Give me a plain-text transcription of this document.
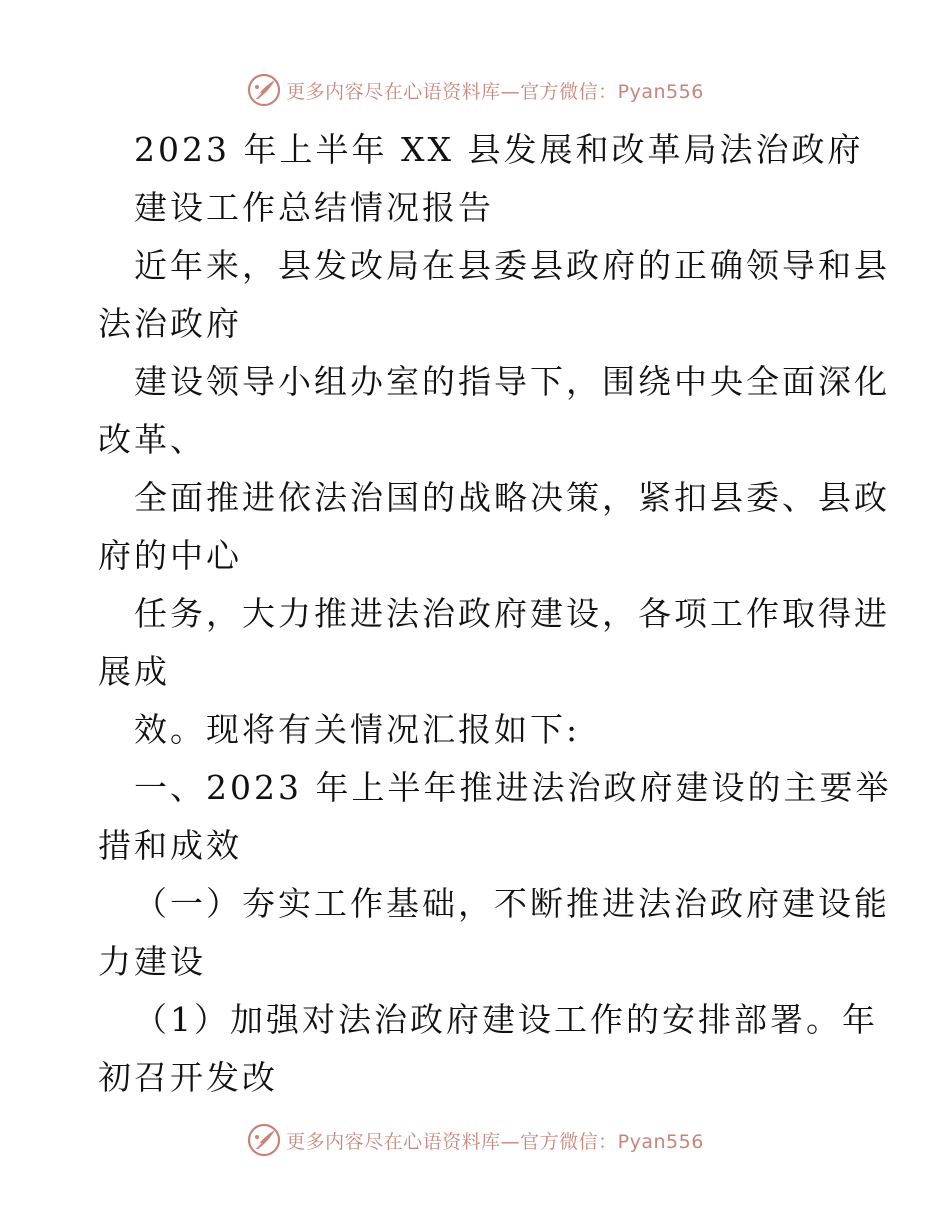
更多内容尽在心语资料库—官方微信：Pyan556
2023 年上半年 XX 县发展和改革局法治政府
建设工作总结情况报告
近年来，县发改局在县委县政府的正确领导和县
法治政府
建设领导小组办室的指导下，围绕中央全面深化
改革、
全面推进依法治国的战略决策，紧扣县委、县政
府的中心
任务，大力推进法治政府建设，各项工作取得进
展成
效。现将有关情况汇报如下:
一、2023 年上半年推进法治政府建设的主要举
措和成效
（一）夯实工作基础，不断推进法治政府建设能
力建设
（1）加强对法治政府建设工作的安排部署。年
初召开发改
更多内容尽在心语资料库—官方微信：Pyan556
